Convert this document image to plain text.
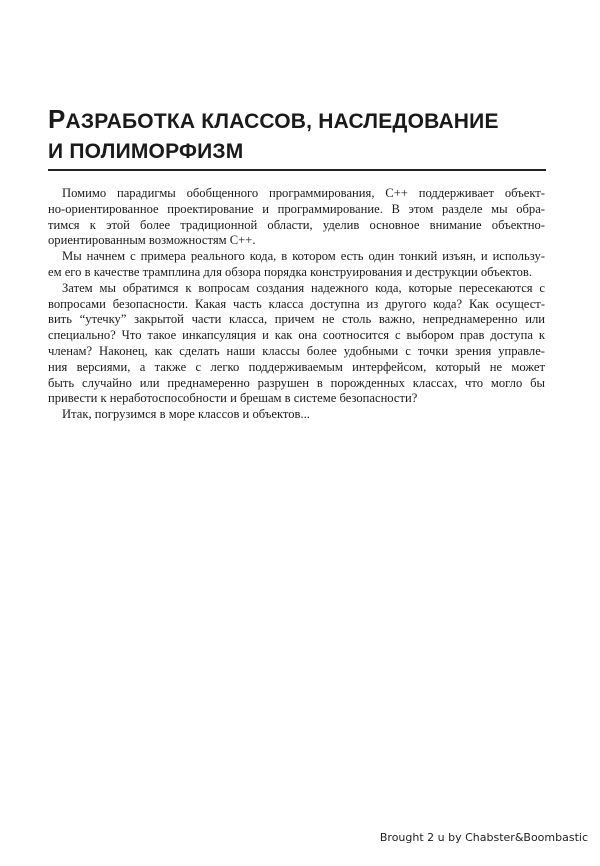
РАЗРАБОТКА КЛАССОВ, НАСЛЕДОВАНИЕ
И ПОЛИМОРФИЗМ
Помимо парадигмы обобщенного программирования, C++ поддерживает объект-
но-ориентированное проектирование и программирование. В этом разделе мы обра-
тимся к этой более традиционной области, уделив основное внимание объектно-
ориентированным возможностям C++.
Мы начнем с примера реального кода, в котором есть один тонкий изъян, и использу-
ем его в качестве трамплина для обзора порядка конструирования и деструкции объектов.
Затем мы обратимся к вопросам создания надежного кода, которые пересекаются с
вопросами безопасности. Какая часть класса доступна из другого кода? Как осущест-
вить “утечку” закрытой части класса, причем не столь важно, непреднамеренно или
специально? Что такое инкапсуляция и как она соотносится с выбором прав доступа к
членам? Наконец, как сделать наши классы более удобными с точки зрения управле-
ния версиями, а также с легко поддерживаемым интерфейсом, который не может
быть случайно или преднамеренно разрушен в порожденных классах, что могло бы
привести к неработоспособности и брешам в системе безопасности?
Итак, погрузимся в море классов и объектов...
Brought 2 u by Chabster&Boombastic
